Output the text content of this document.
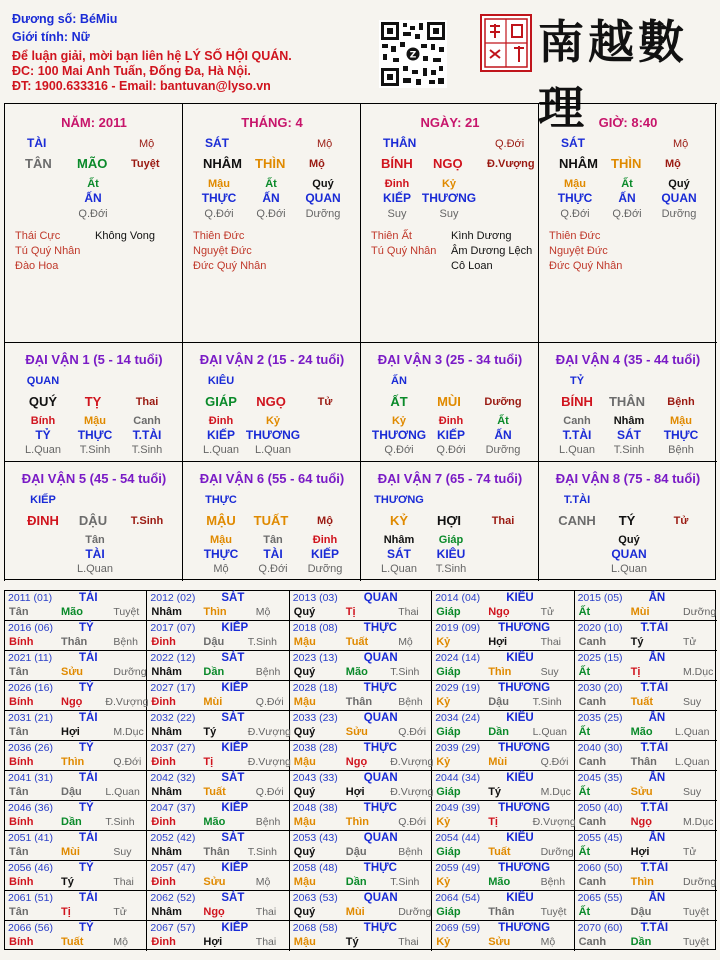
Đương số: BéMiu
Giới tính: Nữ
Để luận giải, mời bạn liên hệ LÝ SỐ HỘI QUÁN.
ĐC: 100 Mai Anh Tuấn, Đống Đa, Hà Nội.
ĐT: 1900.633316 - Email: bantuvan@lyso.vn
Z	南越數理
NĂM: 2011
TÀI	Mộ
TÂN MÃO Tuyệt
Ất
ẤN
Q.Đới
Thái Cực
Tú Quý Nhân
Đào Hoa
Không Vong
THÁNG: 4
SÁT	Mộ
NHÂM THÌN Mộ
Mậu
THỰC
Q.Đới
Ất
ẤN
Q.Đới
Quý
QUAN
Dưỡng
Thiên Đức
Nguyệt Đức
Đức Quý Nhân
NGÀY: 21
THÂN	Q.Đới
BÍNH NGỌ Đ.Vượng
Đinh
KIẾP
Suy
Kỷ
THƯƠNG
Suy
Thiên Ất
Tú Quý Nhân
Kình Dương
Âm Dương Lệch
Cô Loan
GIỜ: 8:40
SÁT	Mộ
NHÂM THÌN Mộ
Mậu
THỰC
Q.Đới
Ất
ẤN
Q.Đới
Quý
QUAN
Dưỡng
Thiên Đức
Nguyệt Đức
Đức Quý Nhân
ĐẠI VẬN 1 (5 - 14 tuổi)
QUAN
QUÝ TỴ	Thai
Bính
TỶ
L.Quan
Mậu
THỰC
T.Sinh
Canh
T.TÀI
T.Sinh
ĐẠI VẬN 2 (15 - 24 tuổi)
KIÊU
GIÁP NGỌ	Tử
Đinh
KIẾP
L.Quan
Kỷ
THƯƠNG
L.Quan
ĐẠI VẬN 3 (25 - 34 tuổi)
ẤN
ẤT MÙI Dưỡng
Kỷ
THƯƠNG
Q.Đới
Đinh
KIẾP
Q.Đới
Ất
ẤN
Dưỡng
ĐẠI VẬN 4 (35 - 44 tuổi)
TỶ
BÍNH THÂN Bệnh
Canh
T.TÀI
L.Quan
Nhâm
SÁT
T.Sinh
Mậu
THỰC
Bệnh
ĐẠI VẬN 5 (45 - 54 tuổi)
KIẾP
ĐINH DẬU T.Sinh
Tân
TÀI
L.Quan
ĐẠI VẬN 6 (55 - 64 tuổi)
THỰC
MẬU TUẤT	Mộ
Mậu
THỰC
Mộ
Tân
TÀI
Q.Đới
Đinh
KIẾP
Dưỡng
ĐẠI VẬN 7 (65 - 74 tuổi)
THƯƠNG
KỶ HỢI	Thai
Nhâm
SÁT
L.Quan
Giáp
KIÊU
T.Sinh
ĐẠI VẬN 8 (75 - 84 tuổi)
T.TÀI
CANH TÝ	Tử
Quý
QUAN
L.Quan
2011 (01) TÀI
Tân	Mão	Tuyệt
2012 (02) SÁT
Nhâm Thìn	Mộ
2013 (03) QUAN
Quý	Tị	Thai
2014 (04) KIÊU
Giáp	Ngọ	Tử
2015 (05) ẤN
Ất	Mùi	Dưỡng
2016 (06) TỶ
Bính	Thân Bệnh
2017 (07) KIẾP
Đinh	Dậu T.Sinh
2018 (08) THỰC
Mậu	Tuất	Mộ
2019 (09) THƯƠNG
Kỷ	Hợi	Thai
2020 (10) T.TÀI
Canh Tý	Tử
2021 (11) TÀI
Tân	Sửu	Dưỡng
2022 (12) SÁT
Nhâm Dần	Bệnh
2023 (13) QUAN
Quý	Mão T.Sinh
2024 (14) KIÊU
Giáp	Thìn	Suy
2025 (15) ẤN
Ất	Tị	M.Dục
2026 (16) TỶ
Bính	Ngọ Đ.Vượng
2027 (17) KIẾP
Đinh	Mùi	Q.Đới
2028 (18) THỰC
Mậu	Thân Bệnh
2029 (19) THƯƠNG
Kỷ	Dậu T.Sinh
2030 (20) T.TÀI
Canh Tuất	Suy
2031 (21) TÀI
Tân	Hợi	M.Dục
2032 (22) SÁT
Nhâm Tý	Đ.Vượng
2033 (23) QUAN
Quý	Sửu	Q.Đới
2034 (24) KIÊU
Giáp	Dần L.Quan
2035 (25) ẤN
Ất	Mão L.Quan
2036 (26) TỶ
Bính	Thìn	Q.Đới
2037 (27) KIẾP
Đinh	Tị	Đ.Vượng
2038 (28) THỰC
Mậu	Ngọ Đ.Vượng
2039 (29) THƯƠNG
Kỷ	Mùi	Q.Đới
2040 (30) T.TÀI
Canh Thân L.Quan
2041 (31) TÀI
Tân	Dậu L.Quan
2042 (32) SÁT
Nhâm Tuất	Q.Đới
2043 (33) QUAN
Quý	Hợi Đ.Vượng
2044 (34) KIÊU
Giáp	Tý	M.Dục
2045 (35) ẤN
Ất	Sửu	Suy
2046 (36) TỶ
Bính	Dần T.Sinh
2047 (37) KIẾP
Đinh	Mão	Bệnh
2048 (38) THỰC
Mậu	Thìn	Q.Đới
2049 (39) THƯƠNG
Kỷ	Tị	Đ.Vượng
2050 (40) T.TÀI
Canh Ngọ	M.Dục
2051 (41) TÀI
Tân	Mùi	Suy
2052 (42) SÁT
Nhâm Thân T.Sinh
2053 (43) QUAN
Quý	Dậu	Bệnh
2054 (44) KIÊU
Giáp	Tuất	Dưỡng
2055 (45) ẤN
Ất	Hợi	Tử
2056 (46) TỶ
Bính	Tý	Thai
2057 (47) KIẾP
Đinh	Sửu	Mộ
2058 (48) THỰC
Mậu	Dần T.Sinh
2059 (49) THƯƠNG
Kỷ	Mão	Bệnh
2060 (50) T.TÀI
Canh Thìn	Dưỡng
2061 (51) TÀI
Tân	Tị	Tử
2062 (52) SÁT
Nhâm Ngọ	Thai
2063 (53) QUAN
Quý	Mùi	Dưỡng
2064 (54) KIÊU
Giáp	Thân Tuyệt
2065 (55) ẤN
Ất	Dậu	Tuyệt
2066 (56) TỶ
Bính	Tuất	Mộ
2067 (57) KIẾP
Đinh	Hợi	Thai
2068 (58) THỰC
Mậu	Tý	Thai
2069 (59) THƯƠNG
Kỷ	Sửu	Mộ
2070 (60) T.TÀI
Canh Dần	Tuyệt
